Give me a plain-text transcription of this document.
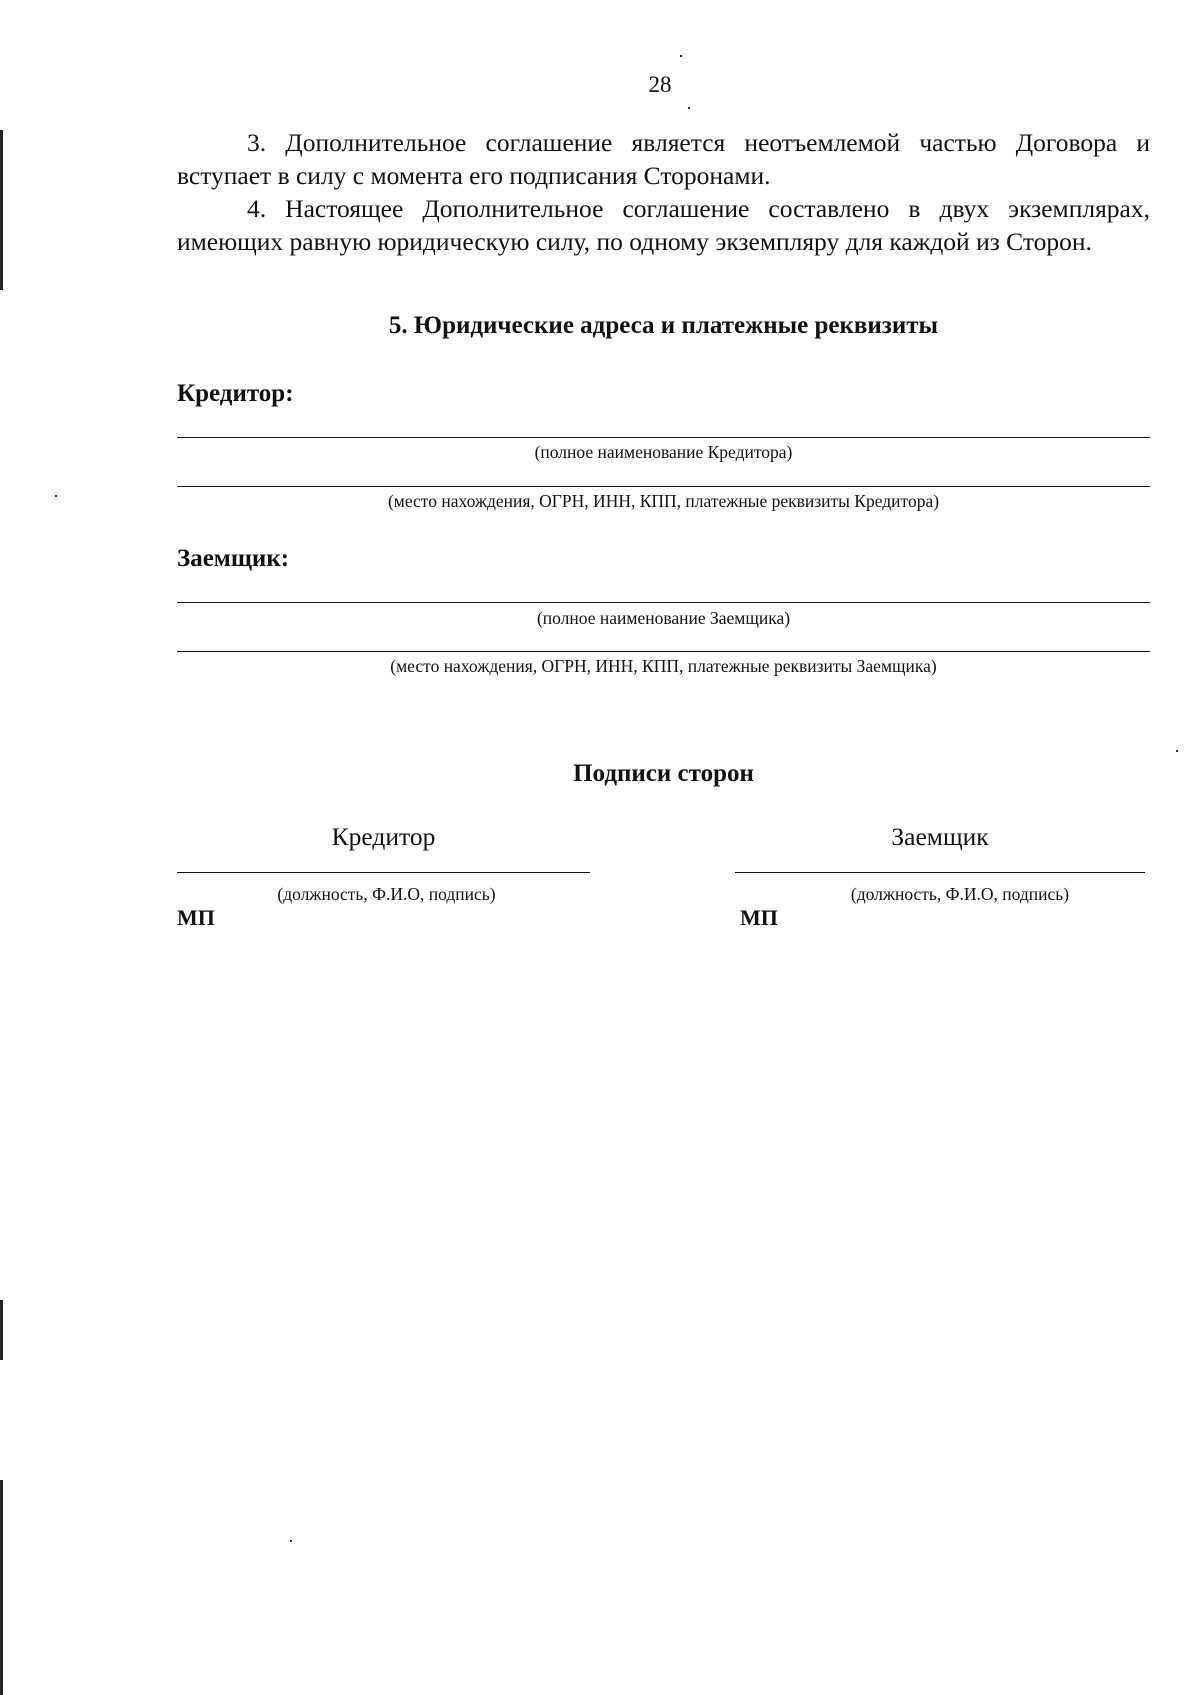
28

3. Дополнительное соглашение является неотъемлемой частью Договора и вступает в силу с момента его подписания Сторонами.

4. Настоящее Дополнительное соглашение составлено в двух экземплярах, имеющих равную юридическую силу, по одному экземпляру для каждой из Сторон.

5. Юридические адреса и платежные реквизиты

Кредитор:

(полное наименование Кредитора)

(место нахождения, ОГРН, ИНН, КПП, платежные реквизиты Кредитора)

Заемщик:

(полное наименование Заемщика)

(место нахождения, ОГРН, ИНН, КПП, платежные реквизиты Заемщика)

Подписи сторон

Кредитор

(должность, Ф.И.О, подпись)

МП

Заемщик

(должность, Ф.И.О, подпись)

МП
